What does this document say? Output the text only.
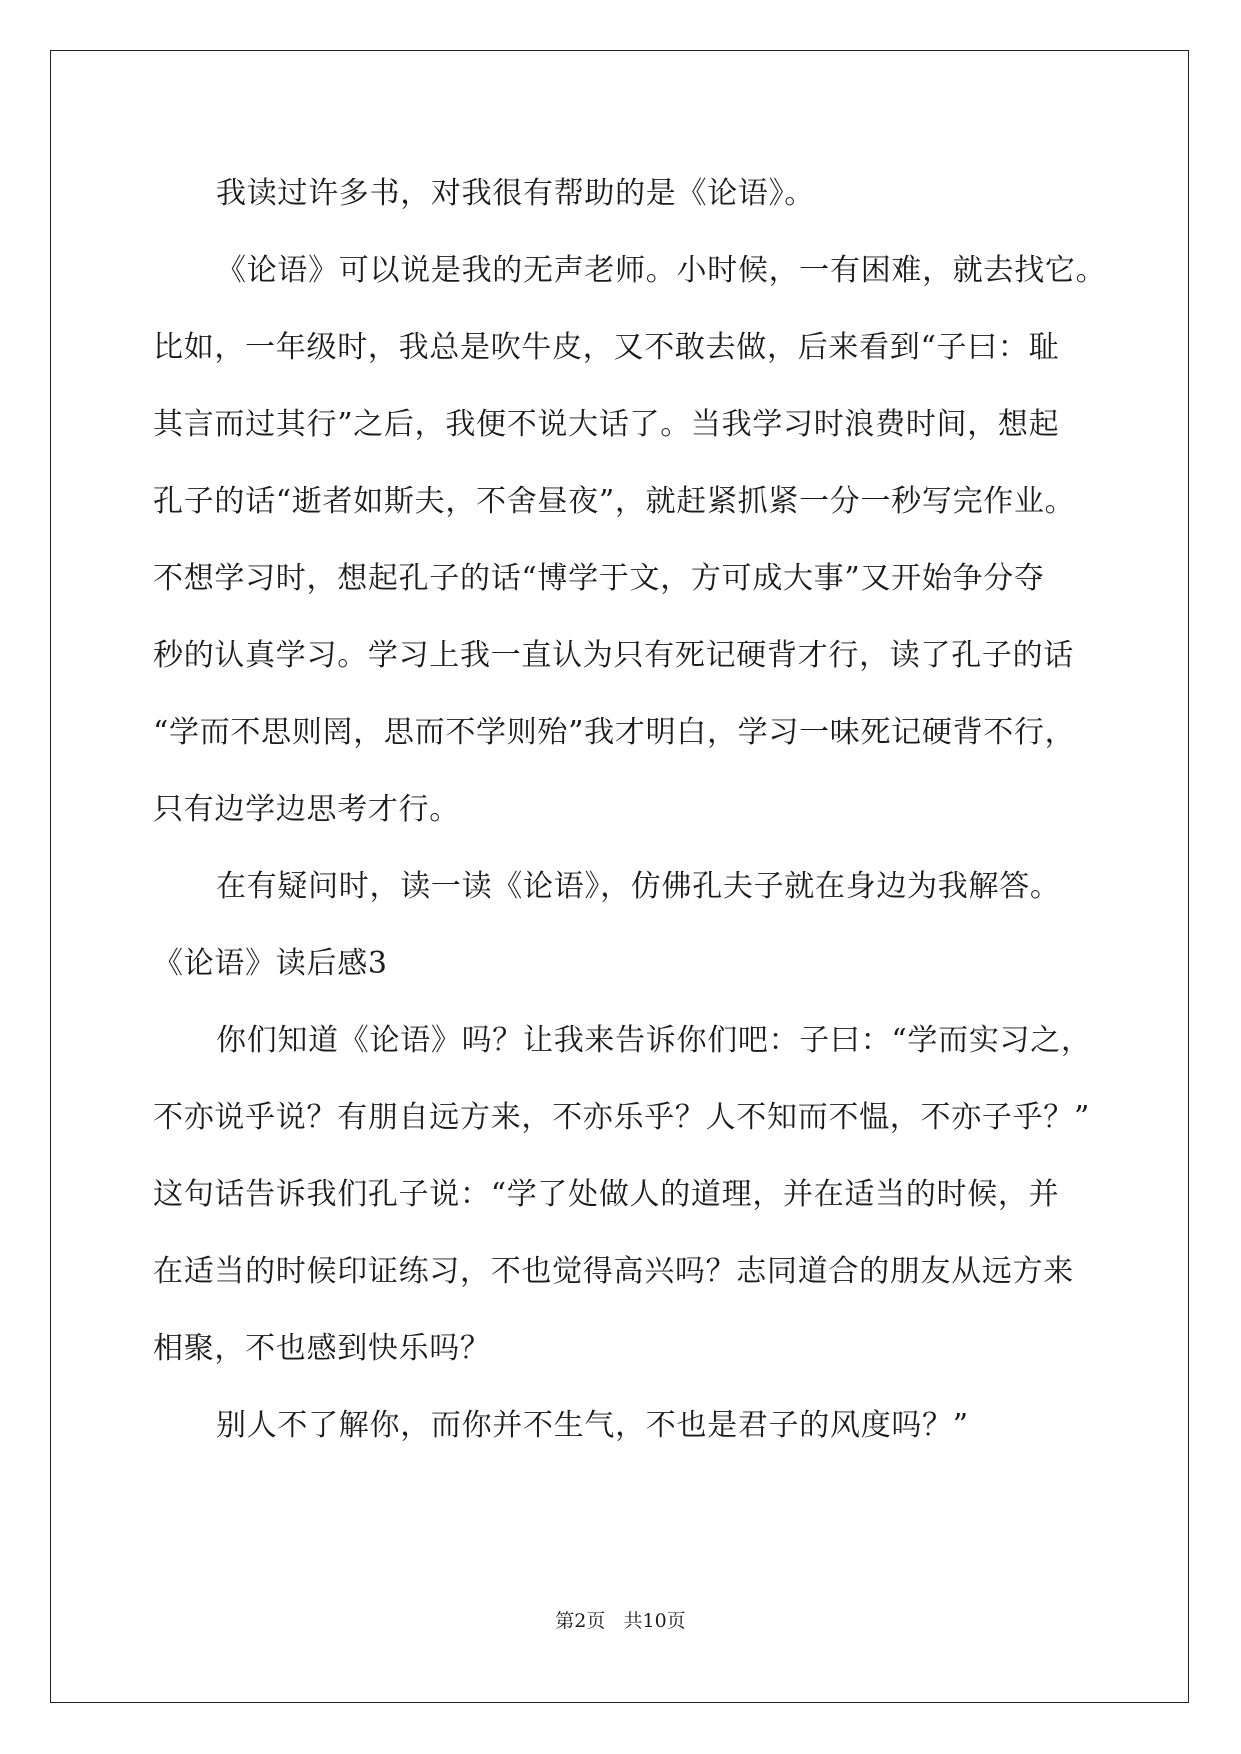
我读过许多书，对我很有帮助的是《论语》。

《论语》可以说是我的无声老师。小时候，一有困难，就去找它。

比如，一年级时，我总是吹牛皮，又不敢去做，后来看到“子曰：耻

其言而过其行”之后，我便不说大话了。当我学习时浪费时间，想起

孔子的话“逝者如斯夫，不舍昼夜”，就赶紧抓紧一分一秒写完作业。

不想学习时，想起孔子的话“博学于文，方可成大事”又开始争分夺

秒的认真学习。学习上我一直认为只有死记硬背才行，读了孔子的话

“学而不思则罔，思而不学则殆”我才明白，学习一味死记硬背不行，

只有边学边思考才行。

在有疑问时，读一读《论语》，仿佛孔夫子就在身边为我解答。

《论语》读后感3

你们知道《论语》吗？让我来告诉你们吧：子曰：“学而实习之，

不亦说乎说？有朋自远方来，不亦乐乎？人不知而不愠，不亦子乎？”

这句话告诉我们孔子说：“学了处做人的道理，并在适当的时候，并

在适当的时候印证练习，不也觉得高兴吗？志同道合的朋友从远方来

相聚，不也感到快乐吗？

别人不了解你，而你并不生气，不也是君子的风度吗？”

第2页   共10页
